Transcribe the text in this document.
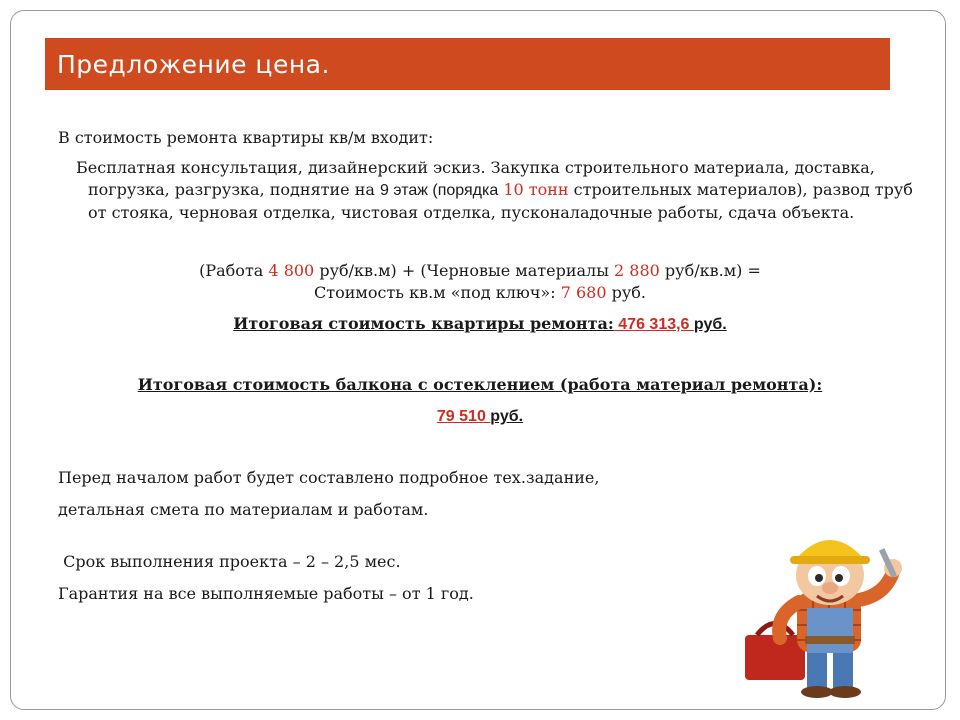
Предложение цена.
В стоимость ремонта квартиры кв/м входит:
Бесплатная консультация, дизайнерский эскиз. Закупка строительного материала, доставка, погрузка, разгрузка, поднятие на 9 этаж (порядка 10 тонн строительных материалов), развод труб от стояка, черновая отделка, чистовая отделка, пусконаладочные работы, сдача объекта.
(Работа 4 800 руб/кв.м) + (Черновые материалы 2 880 руб/кв.м) =
Стоимость кв.м «под ключ»: 7 680 руб.
Итоговая стоимость квартиры ремонта: 476 313,6 руб.
Итоговая стоимость балкона с остеклением (работа материал ремонта):
79 510 руб.
Перед началом работ будет составлено подробное тех.задание,
детальная смета по материалам и работам.
Срок выполнения проекта – 2 – 2,5 мес.
Гарантия на все выполняемые работы – от 1 год.
